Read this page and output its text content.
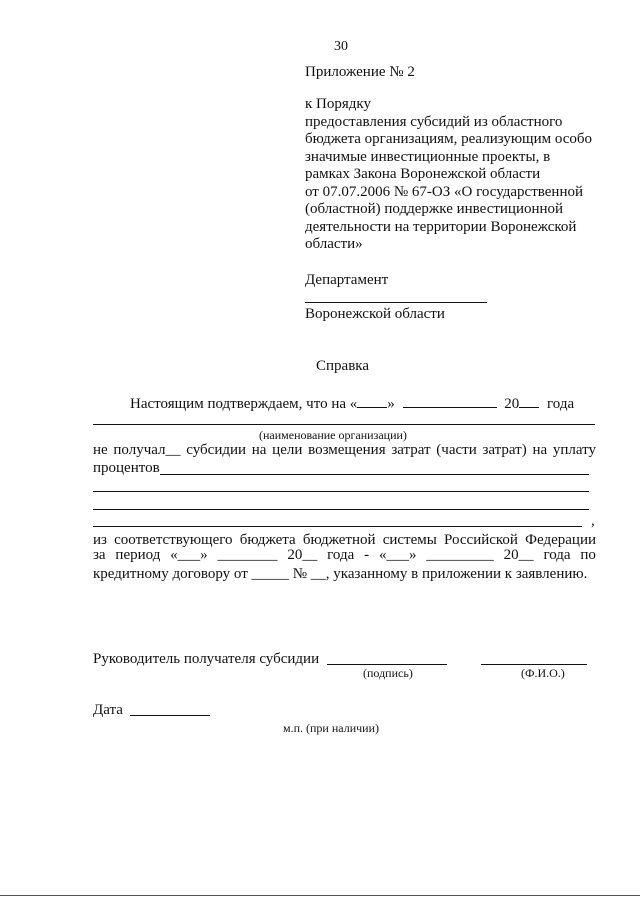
30
Приложение № 2
к Порядку
предоставления субсидий из областного
бюджета организациям, реализующим особо
значимые инвестиционные проекты, в
рамках Закона Воронежской области
от 07.07.2006 № 67-ОЗ «О государственной
(областной) поддержке инвестиционной
деятельности на территории Воронежской
области»
Департамент
Воронежской области
Справка
Настоящим подтверждаем, что на « »	20 года
(наименование организации)
не получал__ субсидии на цели возмещения затрат (части затрат) на уплату
процентов
,
из соответствующего бюджета бюджетной системы Российской Федерации
за период «___» ________ 20__ года - «___» _________ 20__ года по
кредитному договору от _____ № __, указанному в приложении к заявлению.
Руководитель получателя субсидии
(подпись)	(Ф.И.О.)
Дата
м.п. (при наличии)
